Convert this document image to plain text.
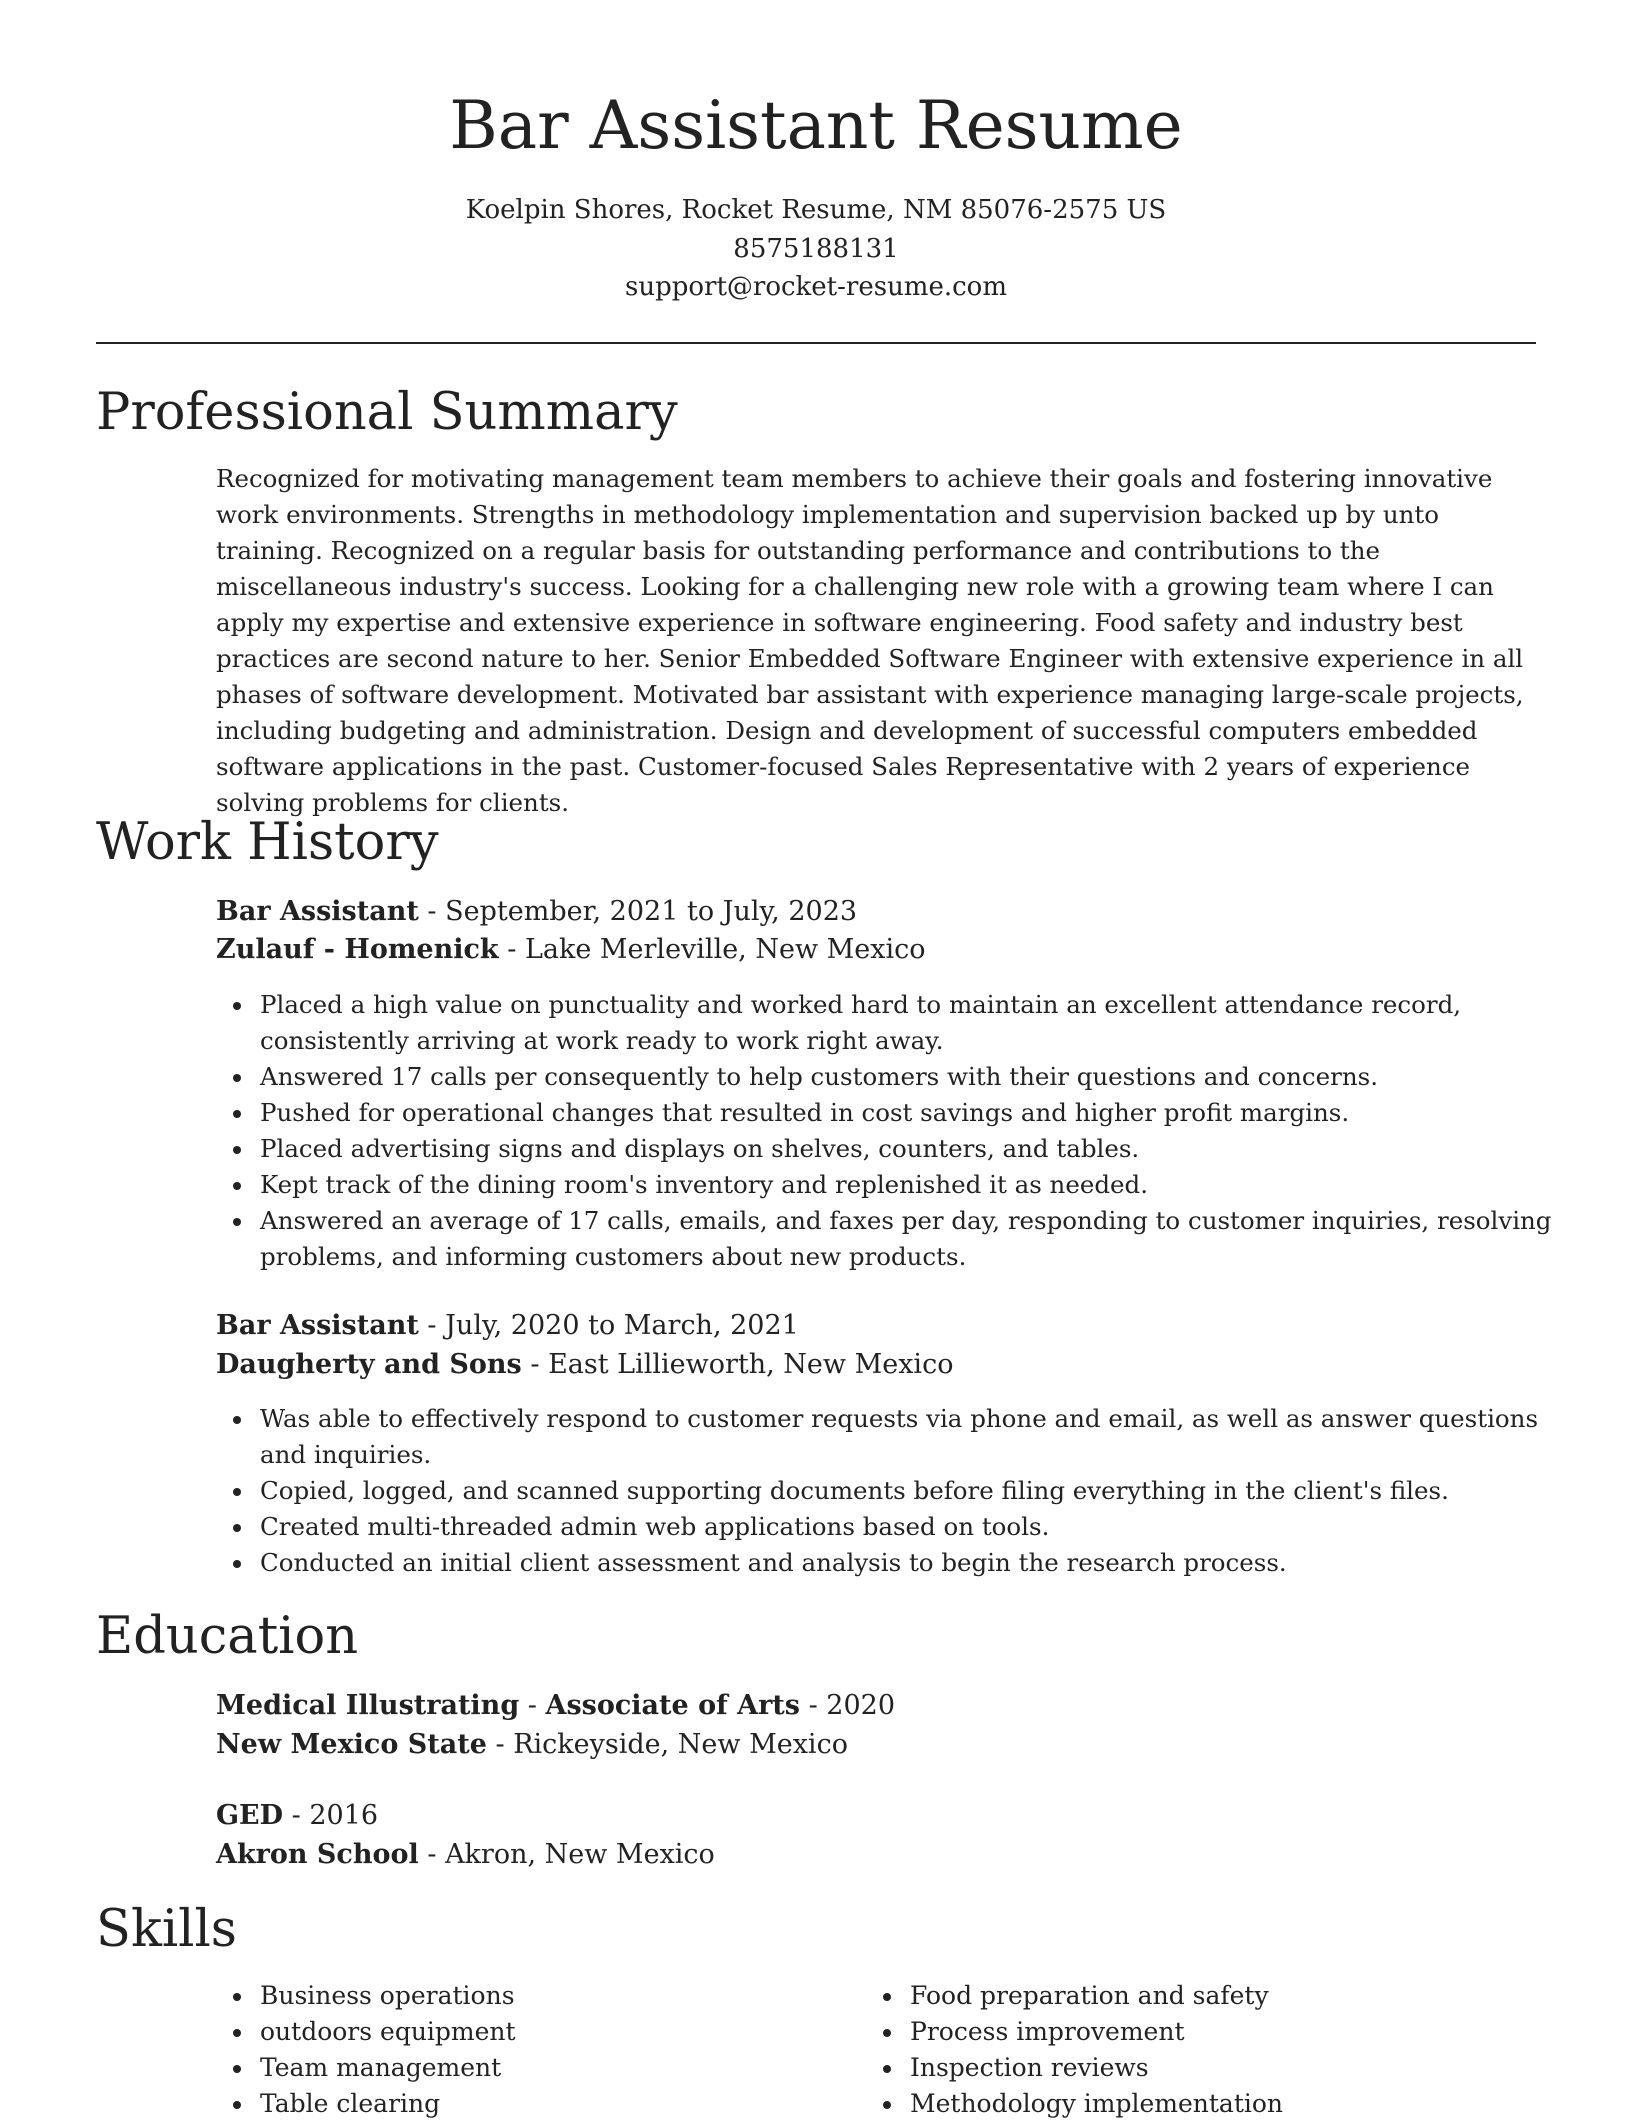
Bar Assistant Resume
Koelpin Shores, Rocket Resume, NM 85076-2575 US
8575188131
support@rocket-resume.com
Professional Summary

Recognized for motivating management team members to achieve their goals and fostering innovative work environments. Strengths in methodology implementation and supervision backed up by unto training. Recognized on a regular basis for outstanding performance and contributions to the miscellaneous industry's success. Looking for a challenging new role with a growing team where I can apply my expertise and extensive experience in software engineering. Food safety and industry best practices are second nature to her. Senior Embedded Software Engineer with extensive experience in all phases of software development. Motivated bar assistant with experience managing large-scale projects, including budgeting and administration. Design and development of successful computers embedded software applications in the past. Customer-focused Sales Representative with 2 years of experience solving problems for clients.

Work History
Bar Assistant - September, 2021 to July, 2023
Zulauf - Homenick - Lake Merleville, New Mexico
Placed a high value on punctuality and worked hard to maintain an excellent attendance record, consistently arriving at work ready to work right away.
Answered 17 calls per consequently to help customers with their questions and concerns.
Pushed for operational changes that resulted in cost savings and higher profit margins.
Placed advertising signs and displays on shelves, counters, and tables.
Kept track of the dining room's inventory and replenished it as needed.
Answered an average of 17 calls, emails, and faxes per day, responding to customer inquiries, resolving problems, and informing customers about new products.
Bar Assistant - July, 2020 to March, 2021
Daugherty and Sons - East Lillieworth, New Mexico
Was able to effectively respond to customer requests via phone and email, as well as answer questions and inquiries.
Copied, logged, and scanned supporting documents before filing everything in the client's files.
Created multi-threaded admin web applications based on tools.
Conducted an initial client assessment and analysis to begin the research process.
Education
Medical Illustrating - Associate of Arts - 2020
New Mexico State - Rickeyside, New Mexico
GED - 2016
Akron School - Akron, New Mexico
Skills
Business operations
outdoors equipment
Team management
Table clearing
Food preparation and safety
Process improvement
Inspection reviews
Methodology implementation
